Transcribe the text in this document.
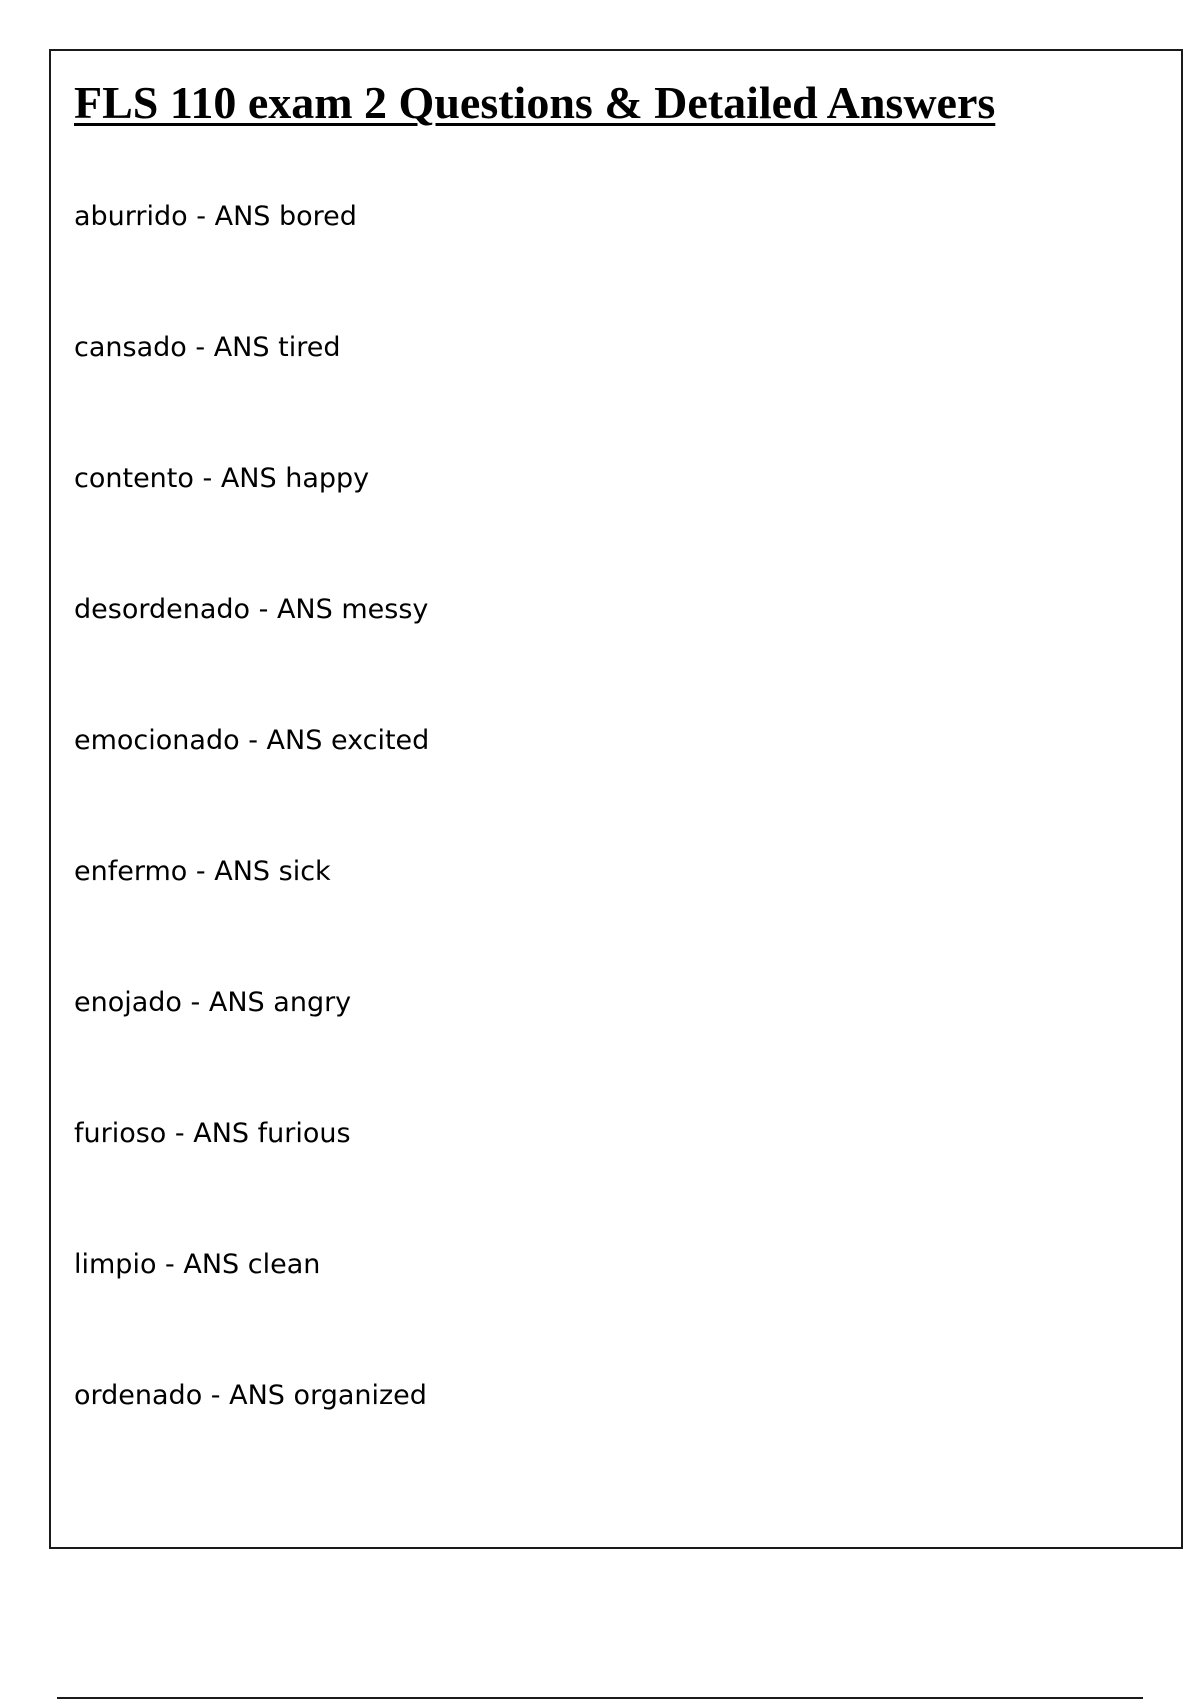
FLS 110 exam 2 Questions & Detailed Answers
aburrido - ANS bored
cansado - ANS tired
contento - ANS happy
desordenado - ANS messy
emocionado - ANS excited
enfermo - ANS sick
enojado - ANS angry
furioso - ANS furious
limpio - ANS clean
ordenado - ANS organized
